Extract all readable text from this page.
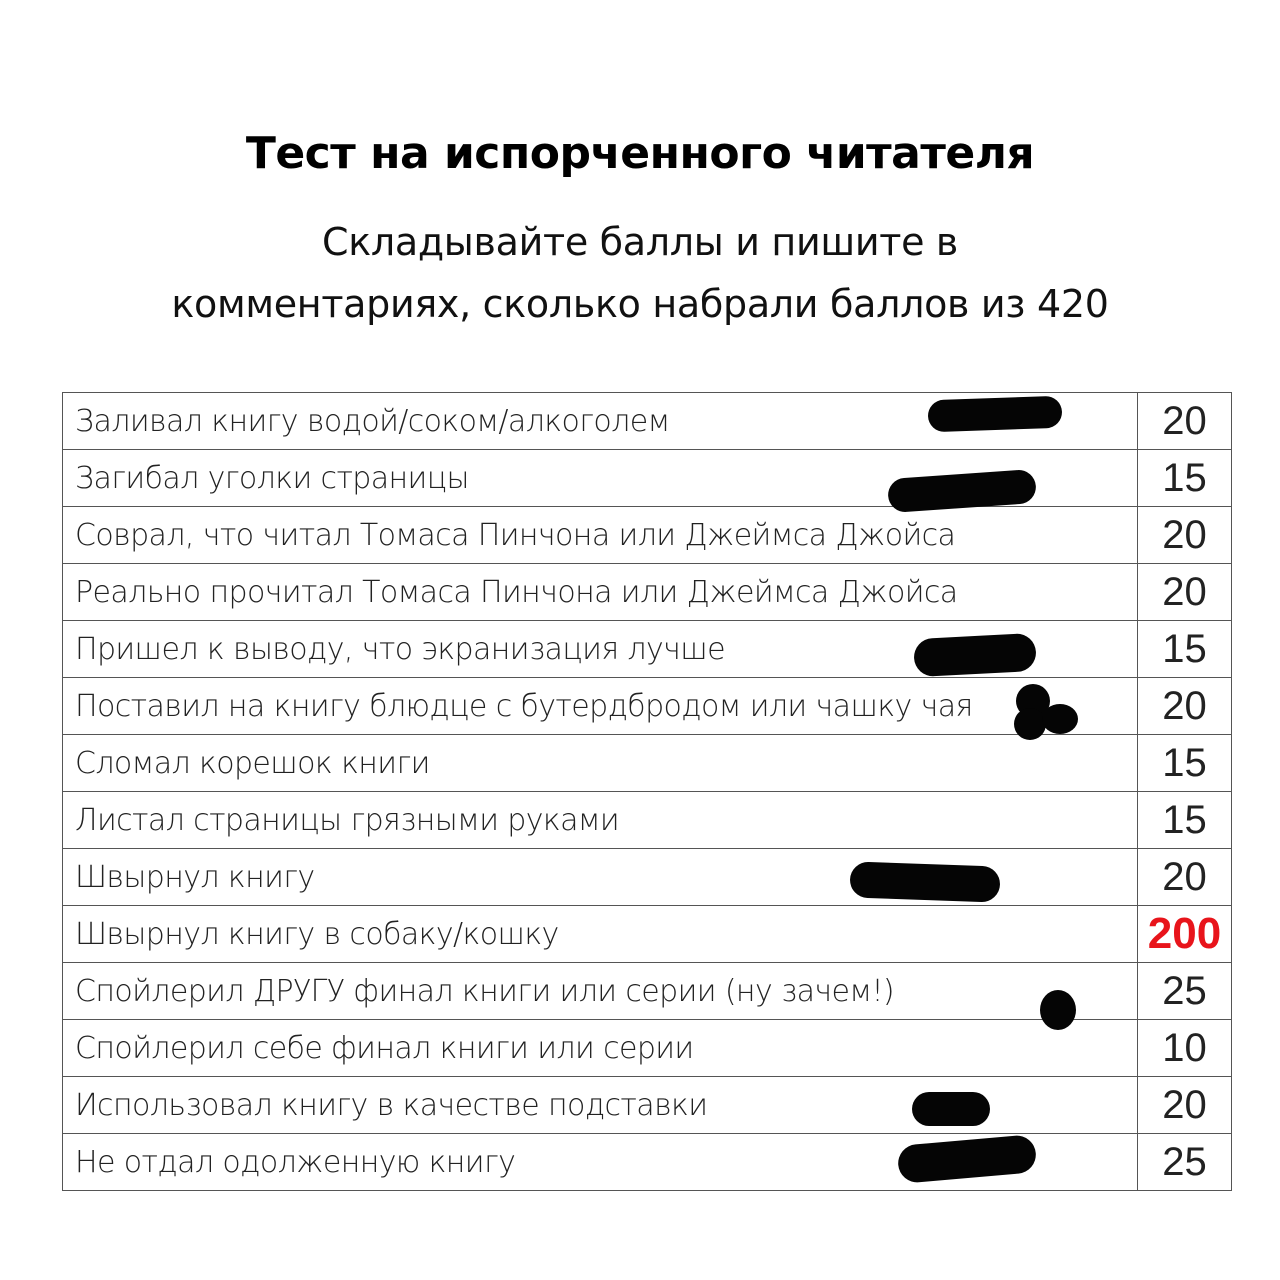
Тест на испорченного читателя
Складывайте баллы и пишите в
комментариях, сколько набрали баллов из 420
Заливал книгу водой/соком/алкоголем	20
Загибал уголки страницы	15
Соврал, что читал Томаса Пинчона или Джеймса Джойса	20
Реально прочитал Томаса Пинчона или Джеймса Джойса	20
Пришел к выводу, что экранизация лучше	15
Поставил на книгу блюдце с бутердбродом или чашку чая	20
Сломал корешок книги	15
Листал страницы грязными руками	15
Швырнул книгу	20
Швырнул книгу в собаку/кошку	200
Спойлерил ДРУГУ финал книги или серии (ну зачем!)	25
Спойлерил себе финал книги или серии	10
Использовал книгу в качестве подставки	20
Не отдал одолженную книгу	25
